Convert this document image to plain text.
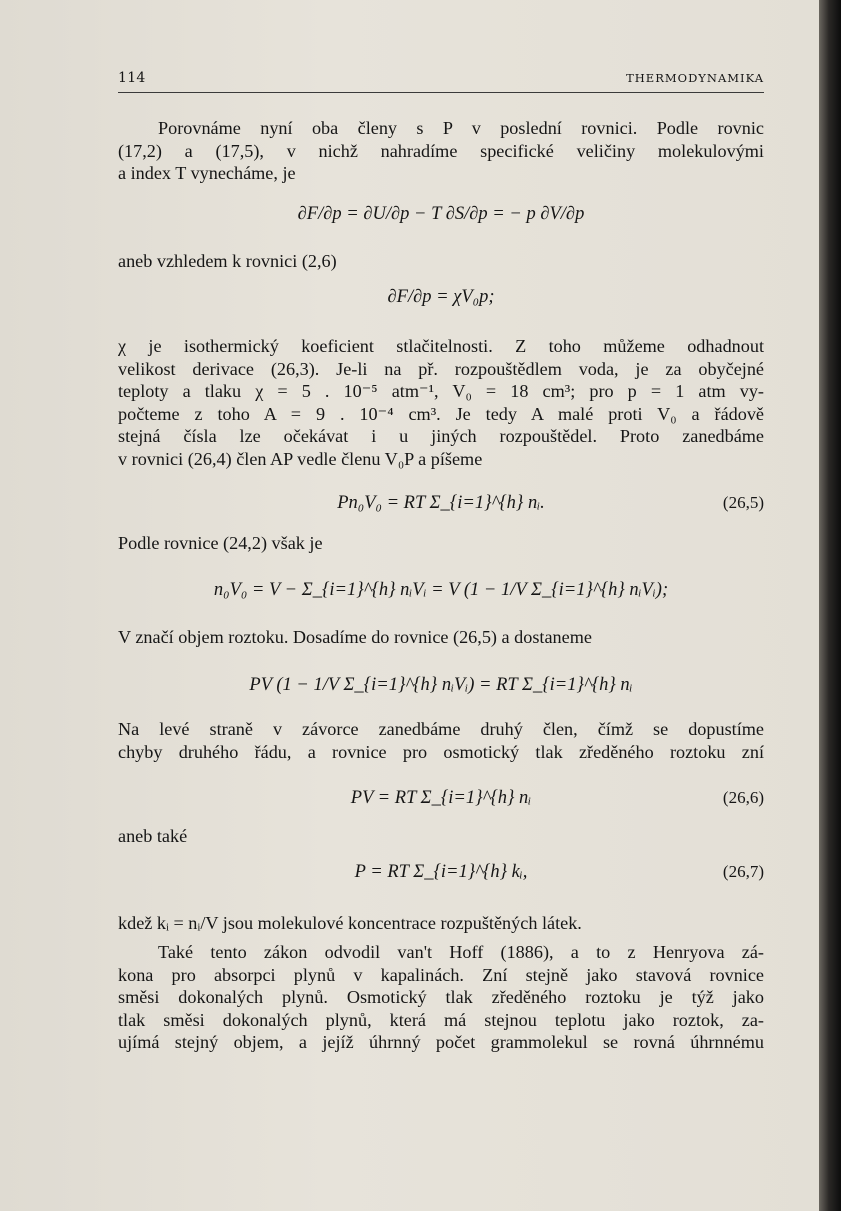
114	THERMODYNAMIKA
Porovnáme nyní oba členy s P v poslední rovnici. Podle rovnic
(17,2) a (17,5), v nichž nahradíme specifické veličiny molekulovými
a index T vynecháme, je
∂F/∂p = ∂U/∂p − T ∂S/∂p = − p ∂V/∂p
aneb vzhledem k rovnici (2,6)
∂F/∂p = χV₀p;
χ je isothermický koeficient stlačitelnosti. Z toho můžeme odhadnout
velikost derivace (26,3). Je-li na př. rozpouštědlem voda, je za obyčejné
teploty a tlaku χ = 5 . 10⁻⁵ atm⁻¹, V₀ = 18 cm³; pro p = 1 atm vy-
počteme z toho A = 9 . 10⁻⁴ cm³. Je tedy A malé proti V₀ a řádově
stejná čísla lze očekávat i u jiných rozpouštědel. Proto zanedbáme
v rovnici (26,4) člen AP vedle členu V₀P a píšeme
Pn₀V₀ = RT Σ_{i=1}^{h} nᵢ.	(26,5)
Podle rovnice (24,2) však je
n₀V₀ = V − Σ_{i=1}^{h} nᵢVᵢ = V (1 − 1/V Σ_{i=1}^{h} nᵢVᵢ);
V značí objem roztoku. Dosadíme do rovnice (26,5) a dostaneme
PV (1 − 1/V Σ_{i=1}^{h} nᵢVᵢ) = RT Σ_{i=1}^{h} nᵢ
Na levé straně v závorce zanedbáme druhý člen, čímž se dopustíme
chyby druhého řádu, a rovnice pro osmotický tlak zředěného roztoku zní
PV = RT Σ_{i=1}^{h} nᵢ	(26,6)
aneb také
P = RT Σ_{i=1}^{h} kᵢ,	(26,7)
kdež kᵢ = nᵢ/V jsou molekulové koncentrace rozpuštěných látek.
Také tento zákon odvodil van't Hoff (1886), a to z Henryova zá-
kona pro absorpci plynů v kapalinách. Zní stejně jako stavová rovnice
směsi dokonalých plynů. Osmotický tlak zředěného roztoku je týž jako
tlak směsi dokonalých plynů, která má stejnou teplotu jako roztok, za-
ujímá stejný objem, a jejíž úhrnný počet grammolekul se rovná úhrnnému
